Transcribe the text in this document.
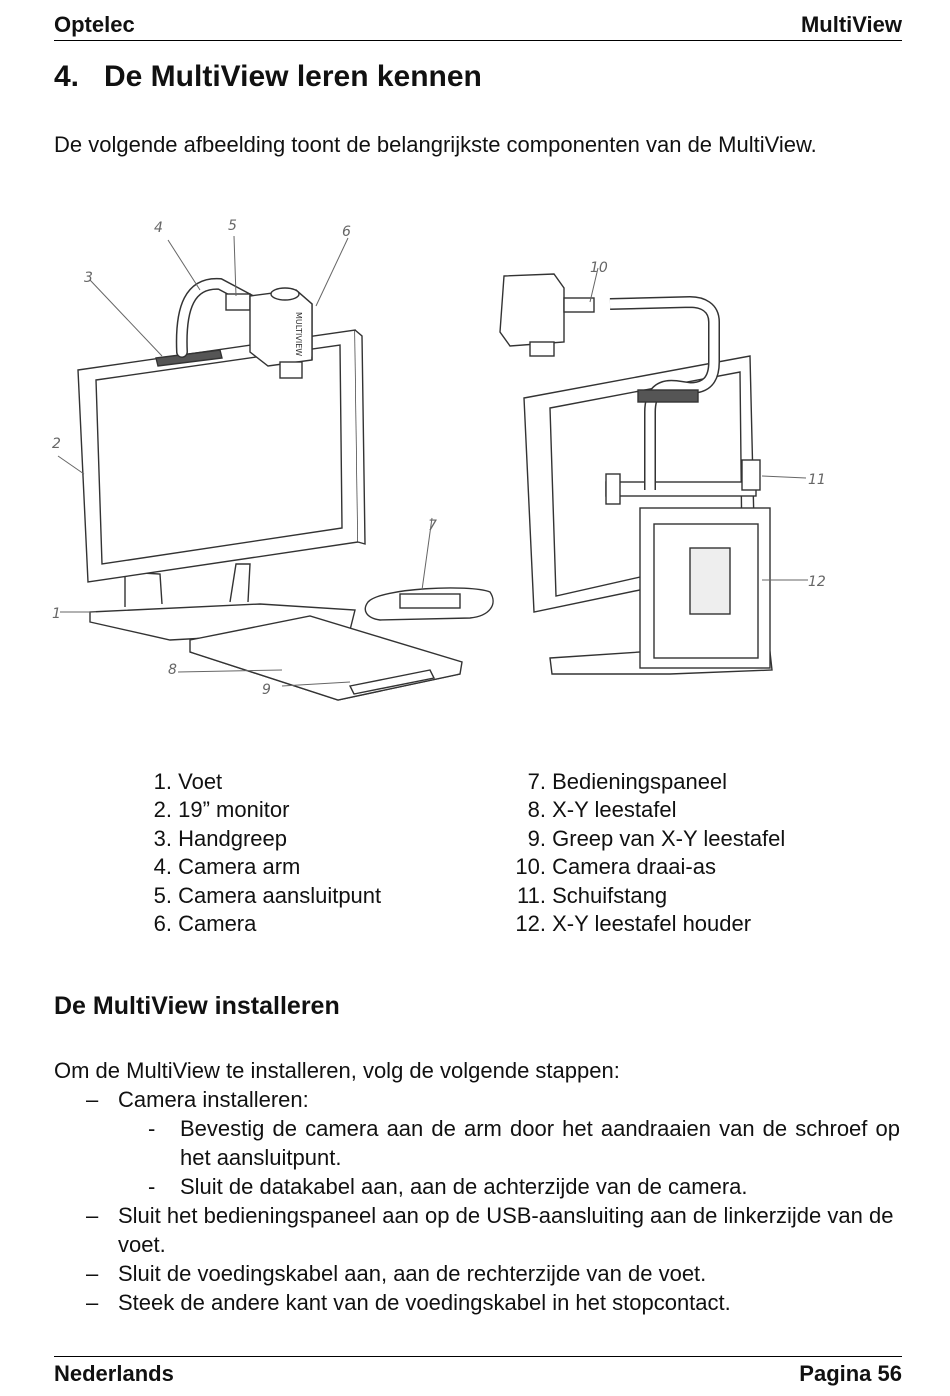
Optelec	MultiView
4. De MultiView leren kennen

De volgende afbeelding toont de belangrijkste componenten van de MultiView.

1
2
3
4	5	6
7
8
9
10
11
12
MULTIVIEW
1. Voet
2. 19” monitor
3. Handgreep
4. Camera arm
5. Camera aansluitpunt
6. Camera
7. Bedieningspaneel
8. X-Y leestafel
9. Greep van X-Y leestafel
10. Camera draai-as
11. Schuifstang
12. X-Y leestafel houder
De MultiView installeren

Om de MultiView te installeren, volg de volgende stappen:

– Camera installeren:
- Bevestig de camera aan de arm door het aandraaien van de schroef op het aansluitpunt.
- Sluit de datakabel aan, aan de achterzijde van de camera.
– Sluit het bedieningspaneel aan op de USB-aansluiting aan de linkerzijde van de voet.
– Sluit de voedingskabel aan, aan de rechterzijde van de voet.
– Steek de andere kant van de voedingskabel in het stopcontact.
Nederlands	Pagina 56
